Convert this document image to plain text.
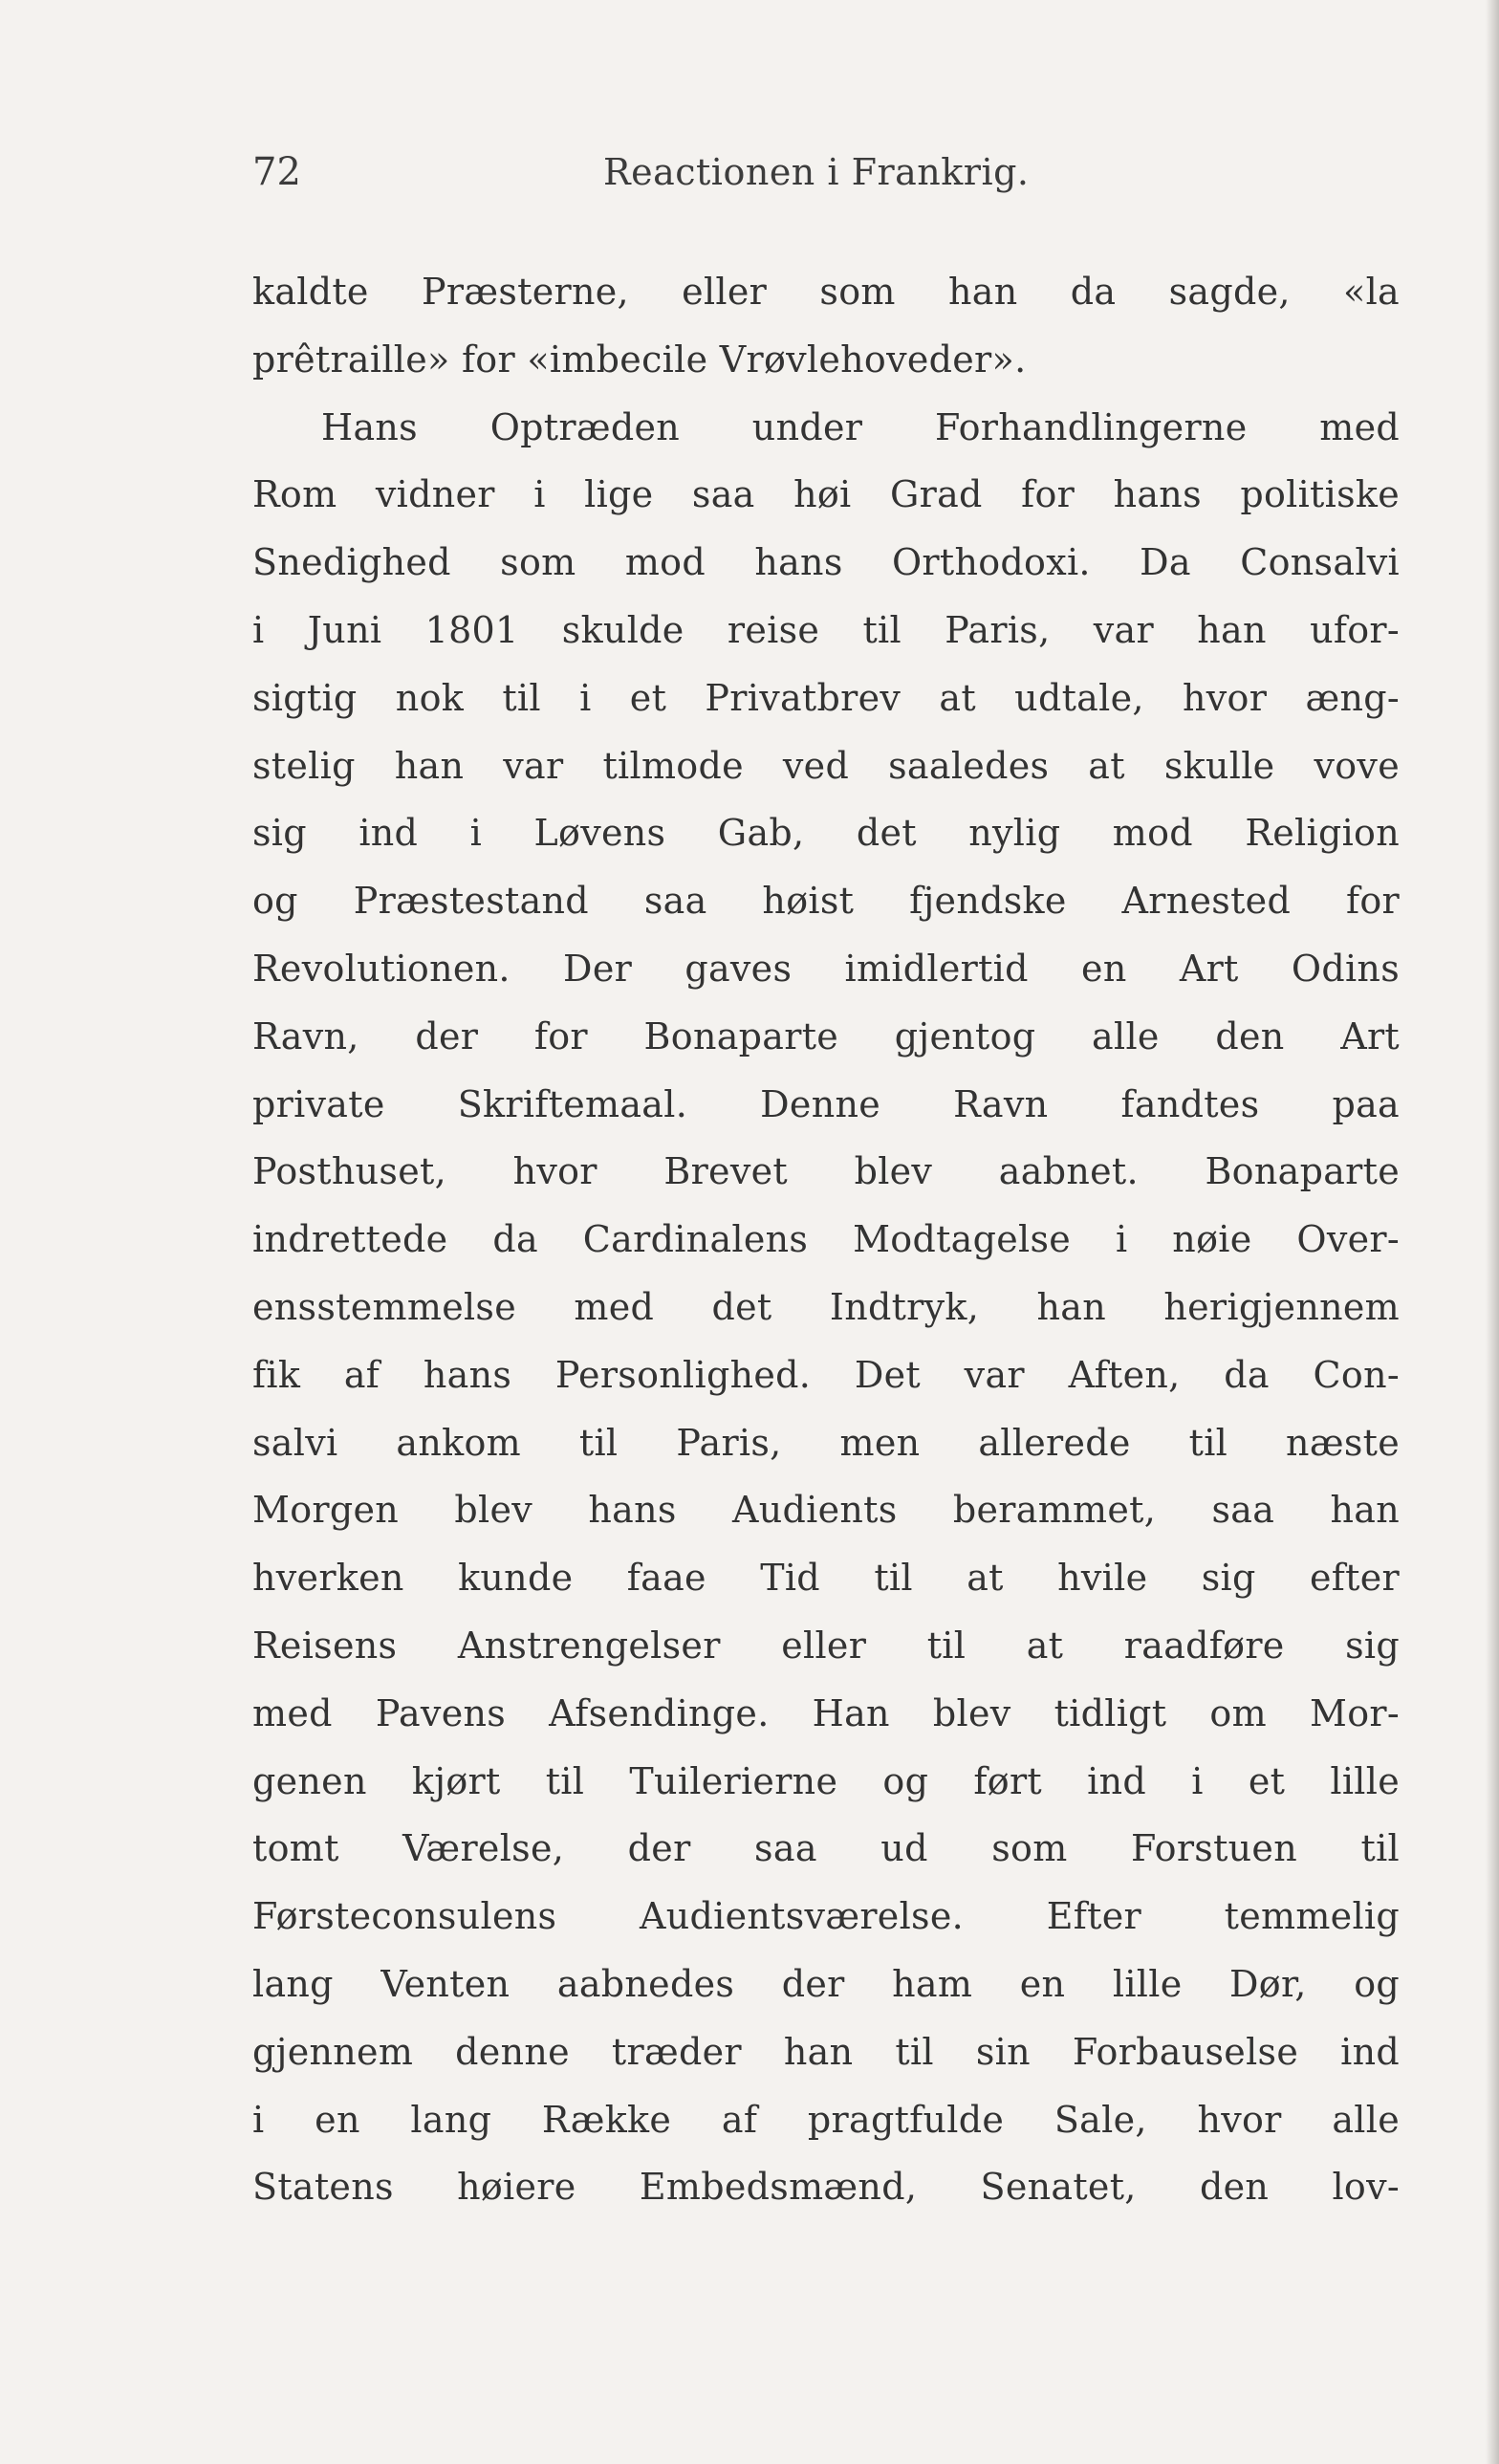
72	Reactionen i Frankrig.
kaldte Præsterne, eller som han da sagde, «la
prêtraille» for «imbecile Vrøvlehoveder».
Hans Optræden under Forhandlingerne med
Rom vidner i lige saa høi Grad for hans politiske
Snedighed som mod hans Orthodoxi. Da Consalvi
i Juni 1801 skulde reise til Paris, var han ufor-
sigtig nok til i et Privatbrev at udtale, hvor æng-
stelig han var tilmode ved saaledes at skulle vove
sig ind i Løvens Gab, det nylig mod Religion
og Præstestand saa høist fjendske Arnested for
Revolutionen. Der gaves imidlertid en Art Odins
Ravn, der for Bonaparte gjentog alle den Art
private Skriftemaal. Denne Ravn fandtes paa
Posthuset, hvor Brevet blev aabnet. Bonaparte
indrettede da Cardinalens Modtagelse i nøie Over-
ensstemmelse med det Indtryk, han herigjennem
fik af hans Personlighed. Det var Aften, da Con-
salvi ankom til Paris, men allerede til næste
Morgen blev hans Audients berammet, saa han
hverken kunde faae Tid til at hvile sig efter
Reisens Anstrengelser eller til at raadføre sig
med Pavens Afsendinge. Han blev tidligt om Mor-
genen kjørt til Tuilerierne og ført ind i et lille
tomt Værelse, der saa ud som Forstuen til
Førsteconsulens Audientsværelse. Efter temmelig
lang Venten aabnedes der ham en lille Dør, og
gjennem denne træder han til sin Forbauselse ind
i en lang Række af pragtfulde Sale, hvor alle
Statens høiere Embedsmænd, Senatet, den lov-
